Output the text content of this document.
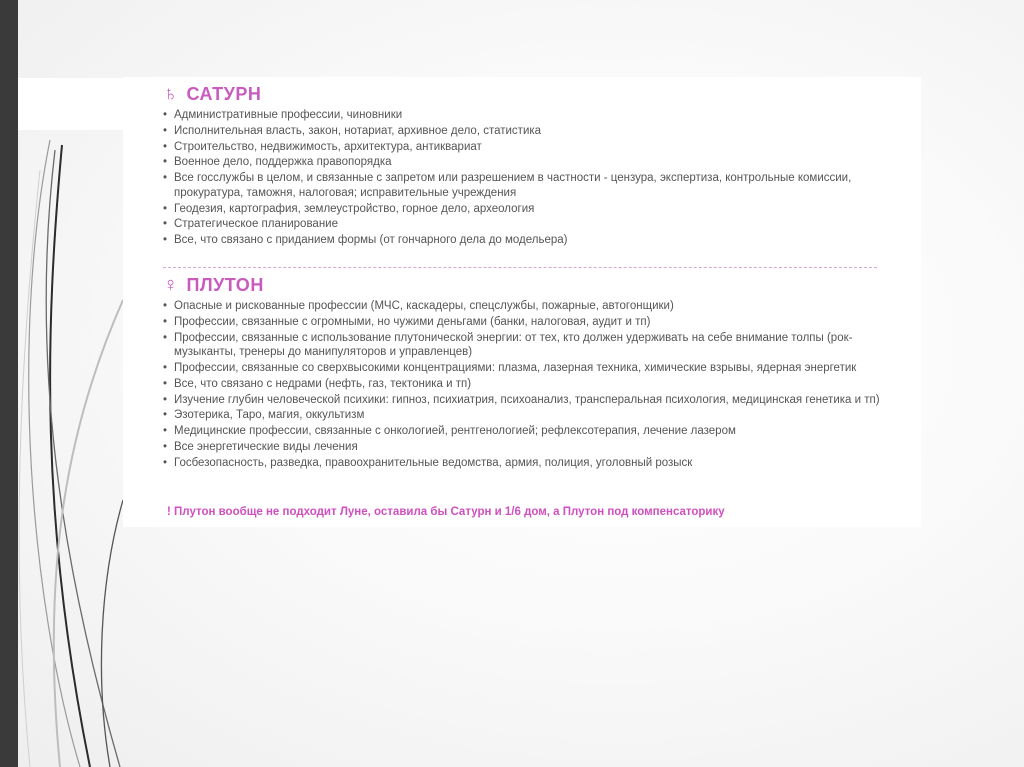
♄ САТУРН
• Административные профессии, чиновники
• Исполнительная власть, закон, нотариат, архивное дело, статистика
• Строительство, недвижимость, архитектура, антиквариат
• Военное дело, поддержка правопорядка
• Все госслужбы в целом, и связанные с запретом или разрешением в частности - цензура, экспертиза, контрольные комиссии, прокуратура, таможня, налоговая; исправительные учреждения
• Геодезия, картография, землеустройство, горное дело, археология
• Стратегическое планирование
• Все, что связано с приданием формы (от гончарного дела до модельера)
♀ ПЛУТОН
• Опасные и рискованные профессии (МЧС, каскадеры, спецслужбы, пожарные, автогонщики)
• Профессии, связанные с огромными, но чужими деньгами (банки, налоговая, аудит и тп)
• Профессии, связанные с использование плутонической энергии: от тех, кто должен удерживать на себе внимание толпы (рок-музыканты, тренеры до манипуляторов и управленцев)
• Профессии, связанные со сверхвысокими концентрациями: плазма, лазерная техника, химические взрывы, ядерная энергетик
• Все, что связано с недрами (нефть, газ, тектоника и тп)
• Изучение глубин человеческой психики: гипноз, психиатрия, психоанализ, трансперальная психология, медицинская генетика и тп)
• Эзотерика, Таро, магия, оккультизм
• Медицинские профессии, связанные с онкологией, рентгенологией; рефлексотерапия, лечение лазером
• Все энергетические виды лечения
• Госбезопасность, разведка, правоохранительные ведомства, армия, полиция, уголовный розыск
! Плутон вообще не подходит Луне, оставила бы Сатурн и 1/6 дом, а Плутон под компенсаторику
